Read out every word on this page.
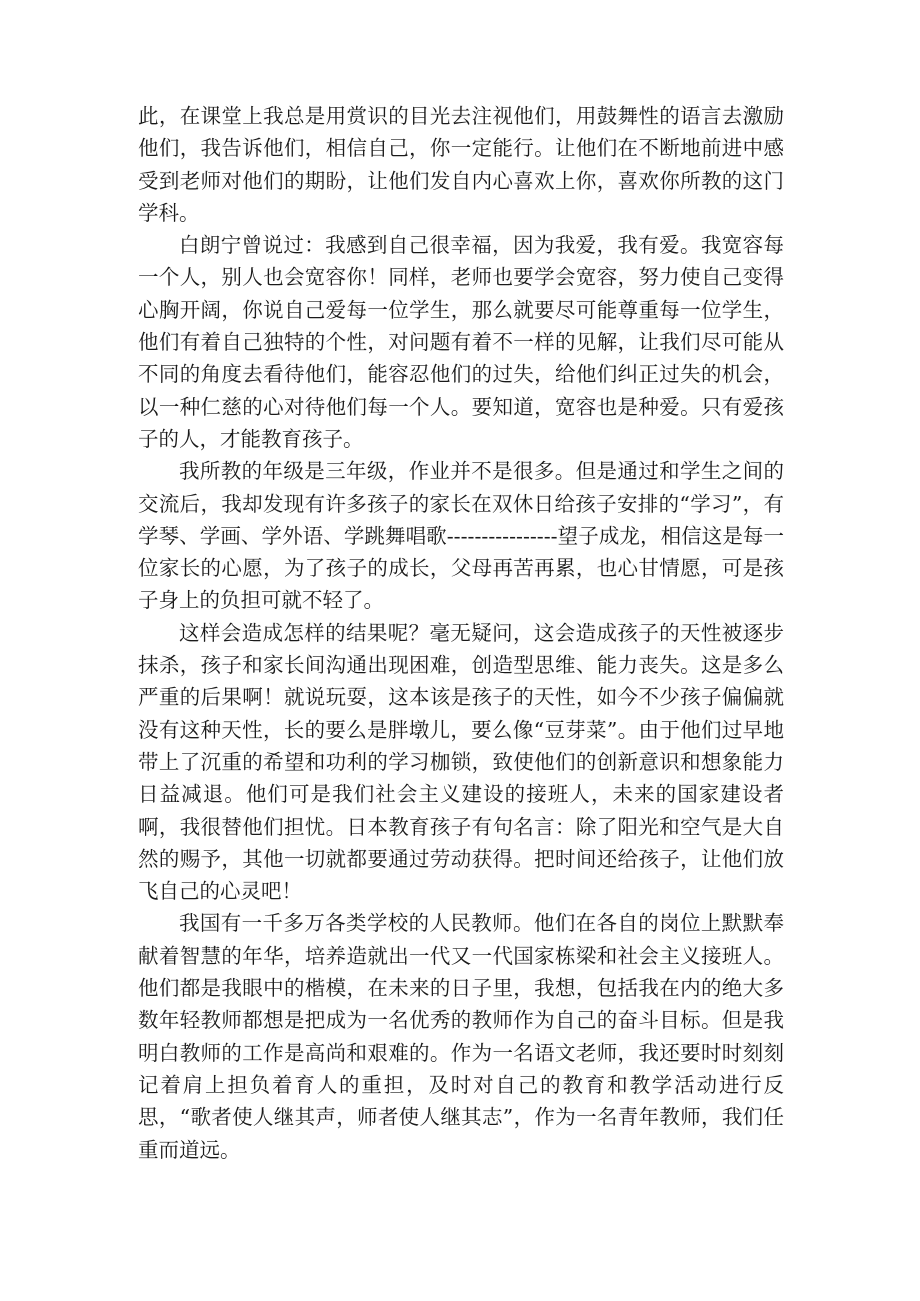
此，在课堂上我总是用赏识的目光去注视他们，用鼓舞性的语言去激励他们，我告诉他们，相信自己，你一定能行。让他们在不断地前进中感受到老师对他们的期盼，让他们发自内心喜欢上你，喜欢你所教的这门学科。

白朗宁曾说过：我感到自己很幸福，因为我爱，我有爱。我宽容每一个人，别人也会宽容你！同样，老师也要学会宽容，努力使自己变得心胸开阔，你说自己爱每一位学生，那么就要尽可能尊重每一位学生，他们有着自己独特的个性，对问题有着不一样的见解，让我们尽可能从不同的角度去看待他们，能容忍他们的过失，给他们纠正过失的机会，以一种仁慈的心对待他们每一个人。要知道，宽容也是种爱。只有爱孩子的人，才能教育孩子。

我所教的年级是三年级，作业并不是很多。但是通过和学生之间的交流后，我却发现有许多孩子的家长在双休日给孩子安排的“学习”，有学琴、学画、学外语、学跳舞唱歌----------------望子成龙，相信这是每一位家长的心愿，为了孩子的成长，父母再苦再累，也心甘情愿，可是孩子身上的负担可就不轻了。

这样会造成怎样的结果呢？毫无疑问，这会造成孩子的天性被逐步抹杀，孩子和家长间沟通出现困难，创造型思维、能力丧失。这是多么严重的后果啊！就说玩耍，这本该是孩子的天性，如今不少孩子偏偏就没有这种天性，长的要么是胖墩儿，要么像“豆芽菜”。由于他们过早地带上了沉重的希望和功利的学习枷锁，致使他们的创新意识和想象能力日益减退。他们可是我们社会主义建设的接班人，未来的国家建设者啊，我很替他们担忧。日本教育孩子有句名言：除了阳光和空气是大自然的赐予，其他一切就都要通过劳动获得。把时间还给孩子，让他们放飞自己的心灵吧！

我国有一千多万各类学校的人民教师。他们在各自的岗位上默默奉献着智慧的年华，培养造就出一代又一代国家栋梁和社会主义接班人。他们都是我眼中的楷模，在未来的日子里，我想，包括我在内的绝大多数年轻教师都想是把成为一名优秀的教师作为自己的奋斗目标。但是我明白教师的工作是高尚和艰难的。作为一名语文老师，我还要时时刻刻记着肩上担负着育人的重担，及时对自己的教育和教学活动进行反思，“歌者使人继其声，师者使人继其志”，作为一名青年教师，我们任重而道远。
